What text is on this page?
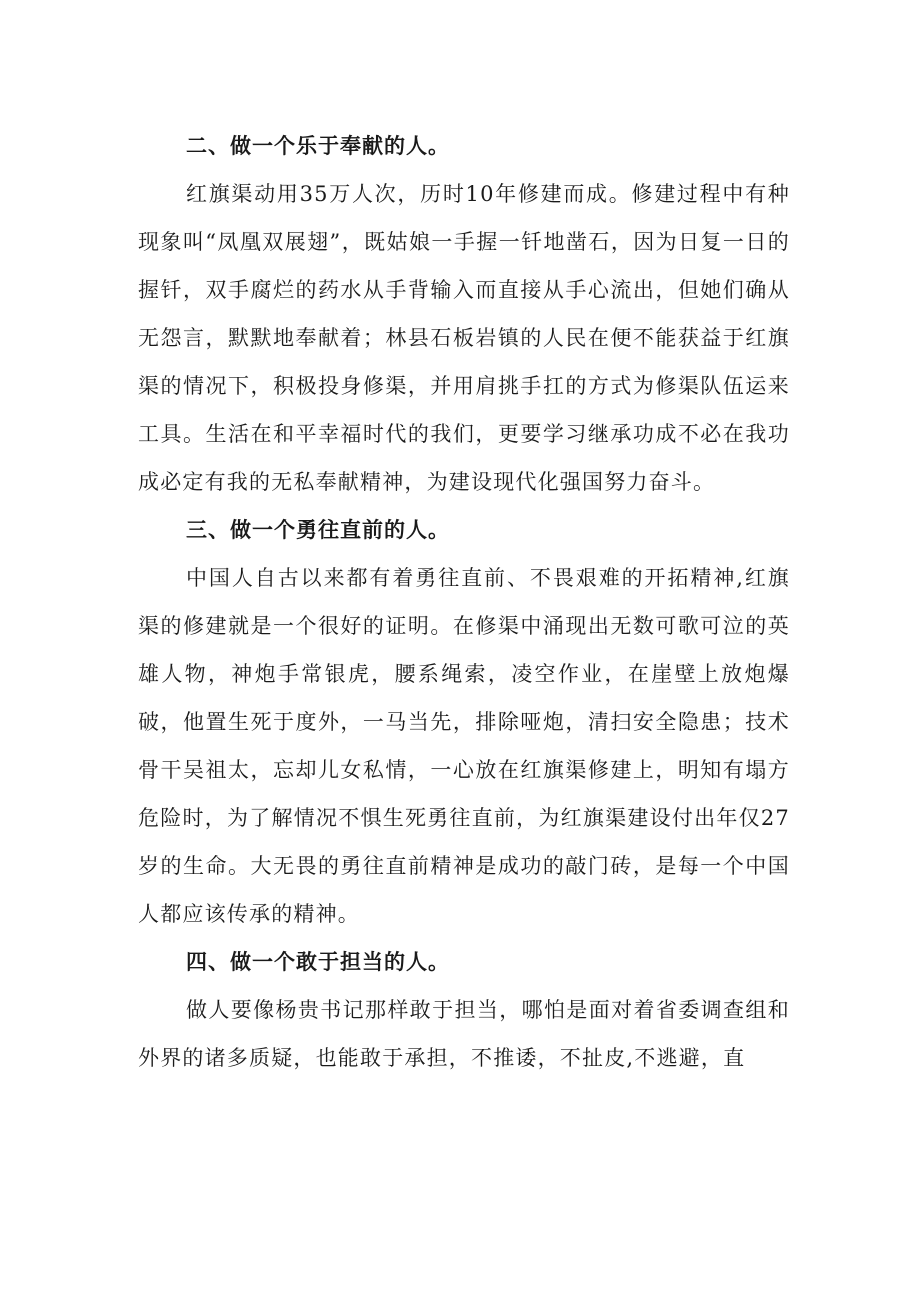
二、做一个乐于奉献的人。

红旗渠动用35万人次，历时10年修建而成。修建过程中有种现象叫“凤凰双展翅”，既姑娘一手握一钎地凿石，因为日复一日的握钎，双手腐烂的药水从手背输入而直接从手心流出，但她们确从无怨言，默默地奉献着；林县石板岩镇的人民在便不能获益于红旗渠的情况下，积极投身修渠，并用肩挑手扛的方式为修渠队伍运来工具。生活在和平幸福时代的我们，更要学习继承功成不必在我功成必定有我的无私奉献精神，为建设现代化强国努力奋斗。

三、做一个勇往直前的人。

中国人自古以来都有着勇往直前、不畏艰难的开拓精神,红旗渠的修建就是一个很好的证明。在修渠中涌现出无数可歌可泣的英雄人物，神炮手常银虎，腰系绳索，凌空作业，在崖壁上放炮爆破，他置生死于度外，一马当先，排除哑炮，清扫安全隐患；技术骨干吴祖太，忘却儿女私情，一心放在红旗渠修建上，明知有塌方危险时，为了解情况不惧生死勇往直前，为红旗渠建设付出年仅27岁的生命。大无畏的勇往直前精神是成功的敲门砖，是每一个中国人都应该传承的精神。

四、做一个敢于担当的人。

做人要像杨贵书记那样敢于担当，哪怕是面对着省委调查组和外界的诸多质疑，也能敢于承担，不推诿，不扯皮,不逃避，直
